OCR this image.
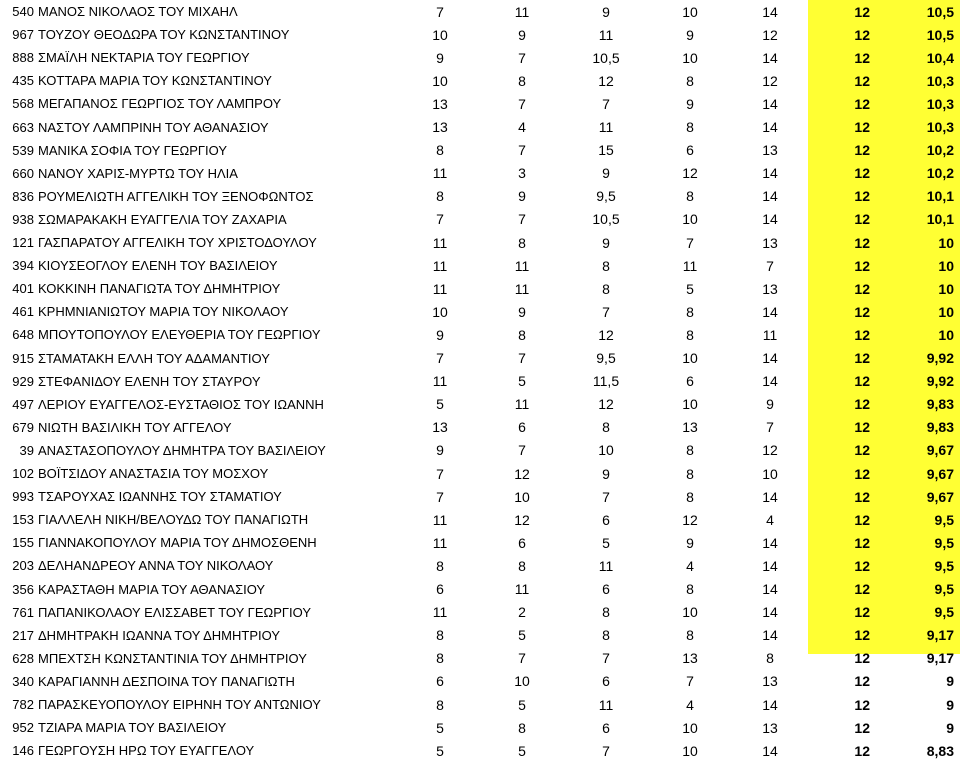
540 ΜΑΝΟΣ ΝΙΚΟΛΑΟΣ ΤΟΥ ΜΙΧΑΗΛ	7	11	9	10	14	12	10,5
967 ΤΟΥΖΟΥ ΘΕΟΔΩΡΑ ΤΟΥ ΚΩΝΣΤΑΝΤΙΝΟΥ	10	9	11	9	12	12	10,5
888 ΣΜΑΪΛΗ ΝΕΚΤΑΡΙΑ ΤΟΥ ΓΕΩΡΓΙΟΥ	9	7	10,5	10	14	12	10,4
435 ΚΟΤΤΑΡΑ ΜΑΡΙΑ ΤΟΥ ΚΩΝΣΤΑΝΤΙΝΟΥ	10	8	12	8	12	12	10,3
568 ΜΕΓΑΠΑΝΟΣ ΓΕΩΡΓΙΟΣ ΤΟΥ ΛΑΜΠΡΟΥ	13	7	7	9	14	12	10,3
663 ΝΑΣΤΟΥ ΛΑΜΠΡΙΝΗ ΤΟΥ ΑΘΑΝΑΣΙΟΥ	13	4	11	8	14	12	10,3
539 ΜΑΝΙΚΑ ΣΟΦΙΑ ΤΟΥ ΓΕΩΡΓΙΟΥ	8	7	15	6	13	12	10,2
660 ΝΑΝΟΥ ΧΑΡΙΣ-ΜΥΡΤΩ ΤΟΥ ΗΛΙΑ	11	3	9	12	14	12	10,2
836 ΡΟΥΜΕΛΙΩΤΗ ΑΓΓΕΛΙΚΗ ΤΟΥ ΞΕΝΟΦΩΝΤΟΣ	8	9	9,5	8	14	12	10,1
938 ΣΩΜΑΡΑΚΑΚΗ ΕΥΑΓΓΕΛΙΑ ΤΟΥ ΖΑΧΑΡΙΑ	7	7	10,5	10	14	12	10,1
121 ΓΑΣΠΑΡΑΤΟΥ ΑΓΓΕΛΙΚΗ ΤΟΥ ΧΡΙΣΤΟΔΟΥΛΟΥ	11	8	9	7	13	12	10
394 ΚΙΟΥΣΕΟΓΛΟΥ ΕΛΕΝΗ ΤΟΥ ΒΑΣΙΛΕΙΟΥ	11	11	8	11	7	12	10
401 ΚΟΚΚΙΝΗ ΠΑΝΑΓΙΩΤΑ ΤΟΥ ΔΗΜΗΤΡΙΟΥ	11	11	8	5	13	12	10
461 ΚΡΗΜΝΙΑΝΙΩΤΟΥ ΜΑΡΙΑ ΤΟΥ ΝΙΚΟΛΑΟΥ	10	9	7	8	14	12	10
648 ΜΠΟΥΤΟΠΟΥΛΟΥ ΕΛΕΥΘΕΡΙΑ ΤΟΥ ΓΕΩΡΓΙΟΥ	9	8	12	8	11	12	10
915 ΣΤΑΜΑΤΑΚΗ ΕΛΛΗ ΤΟΥ ΑΔΑΜΑΝΤΙΟΥ	7	7	9,5	10	14	12	9,92
929 ΣΤΕΦΑΝΙΔΟΥ ΕΛΕΝΗ ΤΟΥ ΣΤΑΥΡΟΥ	11	5	11,5	6	14	12	9,92
497 ΛΕΡΙΟΥ ΕΥΑΓΓΕΛΟΣ-ΕΥΣΤΑΘΙΟΣ ΤΟΥ ΙΩΑΝΝΗ	5	11	12	10	9	12	9,83
679 ΝΙΩΤΗ ΒΑΣΙΛΙΚΗ ΤΟΥ ΑΓΓΕΛΟΥ	13	6	8	13	7	12	9,83
39 ΑΝΑΣΤΑΣΟΠΟΥΛΟΥ ΔΗΜΗΤΡΑ ΤΟΥ ΒΑΣΙΛΕΙΟΥ	9	7	10	8	12	12	9,67
102 ΒΟΪΤΣΙΔΟΥ ΑΝΑΣΤΑΣΙΑ ΤΟΥ ΜΟΣΧΟΥ	7	12	9	8	10	12	9,67
993 ΤΣΑΡΟΥΧΑΣ ΙΩΑΝΝΗΣ ΤΟΥ ΣΤΑΜΑΤΙΟΥ	7	10	7	8	14	12	9,67
153 ΓΙΑΛΛΕΛΗ ΝΙΚΗ/ΒΕΛΟΥΔΩ ΤΟΥ ΠΑΝΑΓΙΩΤΗ	11	12	6	12	4	12	9,5
155 ΓΙΑΝΝΑΚΟΠΟΥΛΟΥ ΜΑΡΙΑ ΤΟΥ ΔΗΜΟΣΘΕΝΗ	11	6	5	9	14	12	9,5
203 ΔΕΛΗΑΝΔΡΕΟΥ ΑΝΝΑ ΤΟΥ ΝΙΚΟΛΑΟΥ	8	8	11	4	14	12	9,5
356 ΚΑΡΑΣΤΑΘΗ ΜΑΡΙΑ ΤΟΥ ΑΘΑΝΑΣΙΟΥ	6	11	6	8	14	12	9,5
761 ΠΑΠΑΝΙΚΟΛΑΟΥ ΕΛΙΣΣΑΒΕΤ ΤΟΥ ΓΕΩΡΓΙΟΥ	11	2	8	10	14	12	9,5
217 ΔΗΜΗΤΡΑΚΗ ΙΩΑΝΝΑ ΤΟΥ ΔΗΜΗΤΡΙΟΥ	8	5	8	8	14	12	9,17
628 ΜΠΕΧΤΣΗ ΚΩΝΣΤΑΝΤΙΝΙΑ ΤΟΥ ΔΗΜΗΤΡΙΟΥ	8	7	7	13	8	12	9,17
340 ΚΑΡΑΓΙΑΝΝΗ ΔΕΣΠΟΙΝΑ ΤΟΥ ΠΑΝΑΓΙΩΤΗ	6	10	6	7	13	12	9
782 ΠΑΡΑΣΚΕΥΟΠΟΥΛΟΥ ΕΙΡΗΝΗ ΤΟΥ ΑΝΤΩΝΙΟΥ	8	5	11	4	14	12	9
952 ΤΖΙΑΡΑ ΜΑΡΙΑ ΤΟΥ ΒΑΣΙΛΕΙΟΥ	5	8	6	10	13	12	9
146 ΓΕΩΡΓΟΥΣΗ ΗΡΩ ΤΟΥ ΕΥΑΓΓΕΛΟΥ	5	5	7	10	14	12	8,83
